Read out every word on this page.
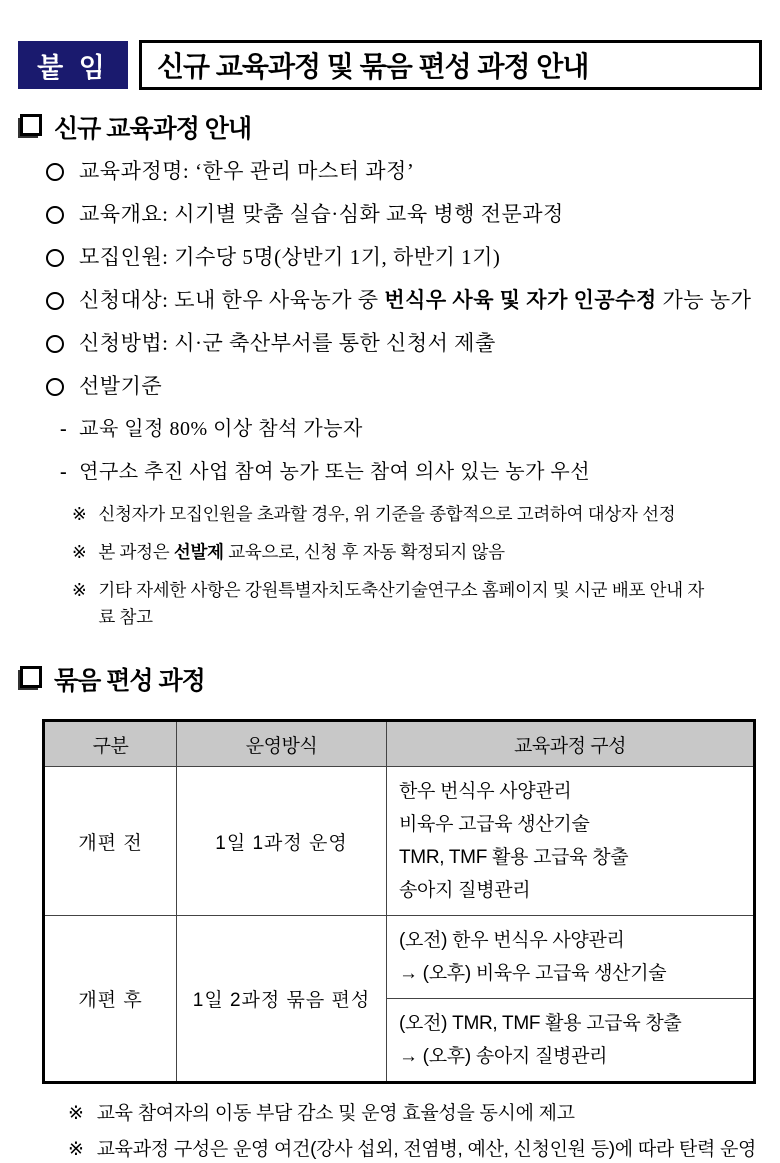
붙 임	신규 교육과정 및 묶음 편성 과정 안내
신규 교육과정 안내
교육과정명: ‘한우 관리 마스터 과정’
교육개요: 시기별 맞춤 실습·심화 교육 병행 전문과정
모집인원: 기수당 5명(상반기 1기, 하반기 1기)
신청대상: 도내 한우 사육농가 중 번식우 사육 및 자가 인공수정 가능 농가
신청방법: 시·군 축산부서를 통한 신청서 제출
선발기준
- 교육 일정 80% 이상 참석 가능자
- 연구소 추진 사업 참여 농가 또는 참여 의사 있는 농가 우선
※ 신청자가 모집인원을 초과할 경우, 위 기준을 종합적으로 고려하여 대상자 선정
※ 본 과정은 선발제 교육으로, 신청 후 자동 확정되지 않음
※ 기타 자세한 사항은 강원특별자치도축산기술연구소 홈페이지 및 시군 배포 안내 자료 참고
묶음 편성 과정
구분	운영방식	교육과정 구성
개편 전	1일 1과정 운영	한우 번식우 사양관리
비육우 고급육 생산기술
TMR, TMF 활용 고급육 창출
송아지 질병관리

개편 후	1일 2과정 묶음 편성	(오전) 한우 번식우 사양관리
→ (오후) 비육우 고급육 생산기술

		(오전) TMR, TMF 활용 고급육 창출
→ (오후) 송아지 질병관리
※ 교육 참여자의 이동 부담 감소 및 운영 효율성을 동시에 제고
※ 교육과정 구성은 운영 여건(강사 섭외, 전염병, 예산, 신청인원 등)에 따라 탄력 운영
